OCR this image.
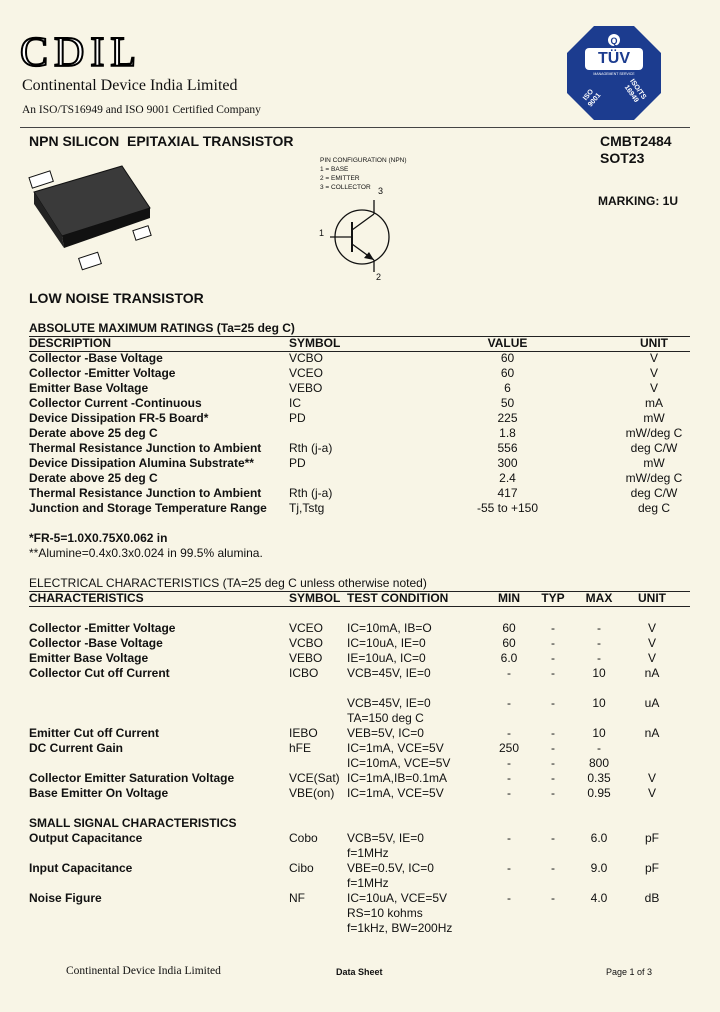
CDIL
Continental Device India Limited
An ISO/TS16949 and ISO 9001 Certified Company
Q
TÜV
MANAGEMENT SERVICE
ISO 9001	ISO/TS 16949
NPN SILICON  EPITAXIAL TRANSISTOR	CMBT2484
SOT23
MARKING: 1U
PIN CONFIGURATION (NPN)
1 = BASE
2 = EMITTER
3 = COLLECTOR
1
2
3
LOW NOISE TRANSISTOR
ABSOLUTE MAXIMUM RATINGS (Ta=25 deg C)
DESCRIPTION	SYMBOL	VALUE	UNIT
Collector -Base Voltage	VCBO	60	V
Collector -Emitter Voltage	VCEO	60	V
Emitter Base Voltage	VEBO	6	V
Collector Current -Continuous	IC	50	mA
Device Dissipation FR-5 Board*	PD	225	mW
Derate above 25 deg C	1.8	mW/deg C
Thermal Resistance Junction to Ambient Rth (j-a)	556	deg C/W
Device Dissipation Alumina Substrate**	PD	300	mW
Derate above 25 deg C	2.4	mW/deg C
Thermal Resistance Junction to Ambient Rth (j-a)	417	deg C/W
Junction and Storage Temperature Range Tj,Tstg	-55 to +150	deg C
*FR-5=1.0X0.75X0.062 in
**Alumine=0.4x0.3x0.024 in 99.5% alumina.
ELECTRICAL CHARACTERISTICS (TA=25 deg C unless otherwise noted)
CHARACTERISTICS	SYMBOL TEST CONDITION	MIN	TYP	MAX	UNIT
Collector -Emitter Voltage	VCEO IC=10mA, IB=O	60	-	-	V
Collector -Base Voltage	VCBO IC=10uA, IE=0	60	-	-	V
Emitter Base Voltage	VEBO IE=10uA, IC=0	6.0	-	-	V
Collector Cut off Current	ICBO VCB=45V, IE=0	-	-	10	nA
VCB=45V, IE=0	-	-	10	uA
TA=150 deg C
Emitter Cut off Current	IEBO VEB=5V, IC=0	-	-	10	nA
DC Current Gain	hFE	IC=1mA, VCE=5V	250	-	-
IC=10mA, VCE=5V	-	-	800
Collector Emitter Saturation Voltage	VCE(Sat) IC=1mA,IB=0.1mA	-	-	0.35	V
Base Emitter On Voltage	VBE(on) IC=1mA, VCE=5V	-	-	0.95	V
SMALL SIGNAL CHARACTERISTICS
Output Capacitance	Cobo VCB=5V, IE=0	-	-	6.0	pF
f=1MHz
Input Capacitance	Cibo	VBE=0.5V, IC=0	-	-	9.0	pF
f=1MHz
Noise Figure	NF	IC=10uA, VCE=5V	-	-	4.0	dB
RS=10 kohms
f=1kHz, BW=200Hz
Continental Device India Limited	Data Sheet	Page 1 of 3
